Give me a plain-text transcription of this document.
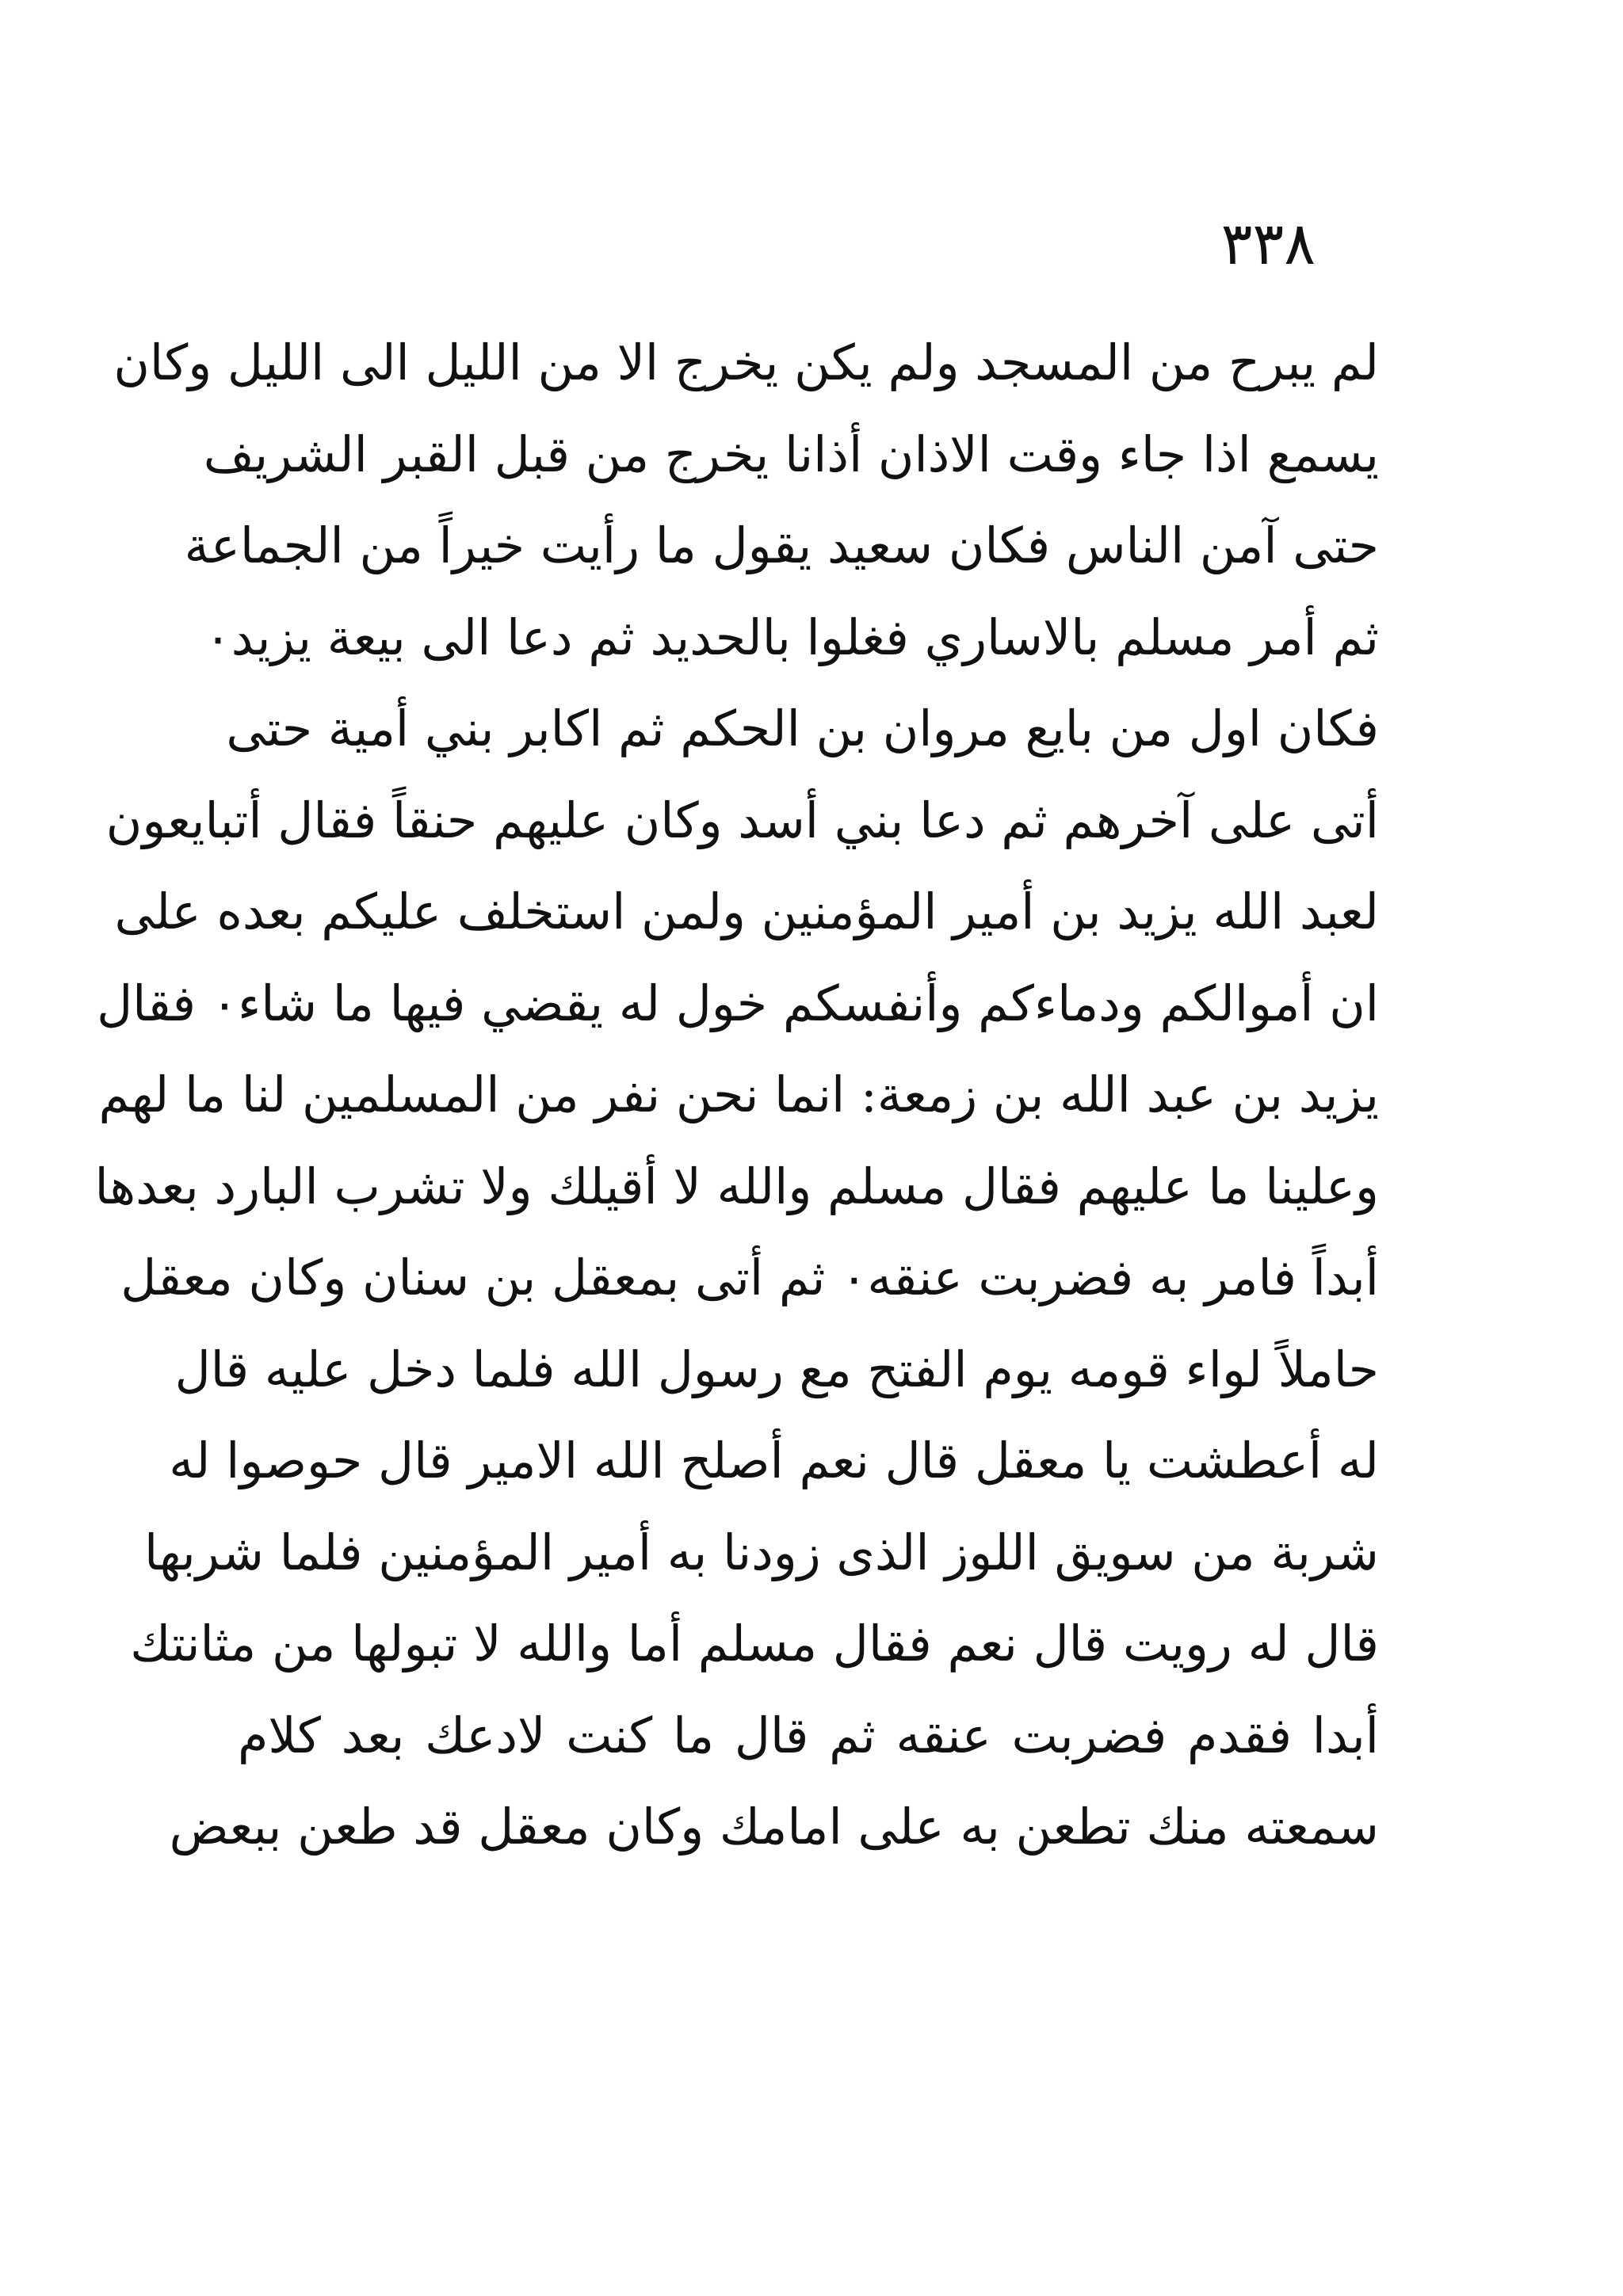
٣٣٨
لم يبرح من المسجد ولم يكن يخرج الا من الليل الى الليل وكان
يسمع اذا جاء وقت الاذان أذانا يخرج من قبل القبر الشريف
حتى آمن الناس فكان سعيد يقول ما رأيت خيراً من الجماعة
ثم أمر مسلم بالاساري فغلوا بالحديد ثم دعا الى بيعة يزيد٠
فكان اول من بايع مروان بن الحكم ثم اكابر بني أمية حتى
أتى على آخرهم ثم دعا بني أسد وكان عليهم حنقاً فقال أتبايعون
لعبد الله يزيد بن أمير المؤمنين ولمن استخلف عليكم بعده على
ان أموالكم ودماءكم وأنفسكم خول له يقضي فيها ما شاء٠ فقال
يزيد بن عبد الله بن زمعة: انما نحن نفر من المسلمين لنا ما لهم
وعلينا ما عليهم فقال مسلم والله لا أقيلك ولا تشرب البارد بعدها
أبداً فامر به فضربت عنقه٠ ثم أتى بمعقل بن سنان وكان معقل
حاملاً لواء قومه يوم الفتح مع رسول الله فلما دخل عليه قال
له أعطشت يا معقل قال نعم أصلح الله الامير قال حوصوا له
شربة من سويق اللوز الذى زودنا به أمير المؤمنين فلما شربها
قال له رويت قال نعم فقال مسلم أما والله لا تبولها من مثانتك
أبدا فقدم فضربت عنقه ثم قال ما كنت لادعك بعد كلام
سمعته منك تطعن به على امامك وكان معقل قد طعن ببعض
